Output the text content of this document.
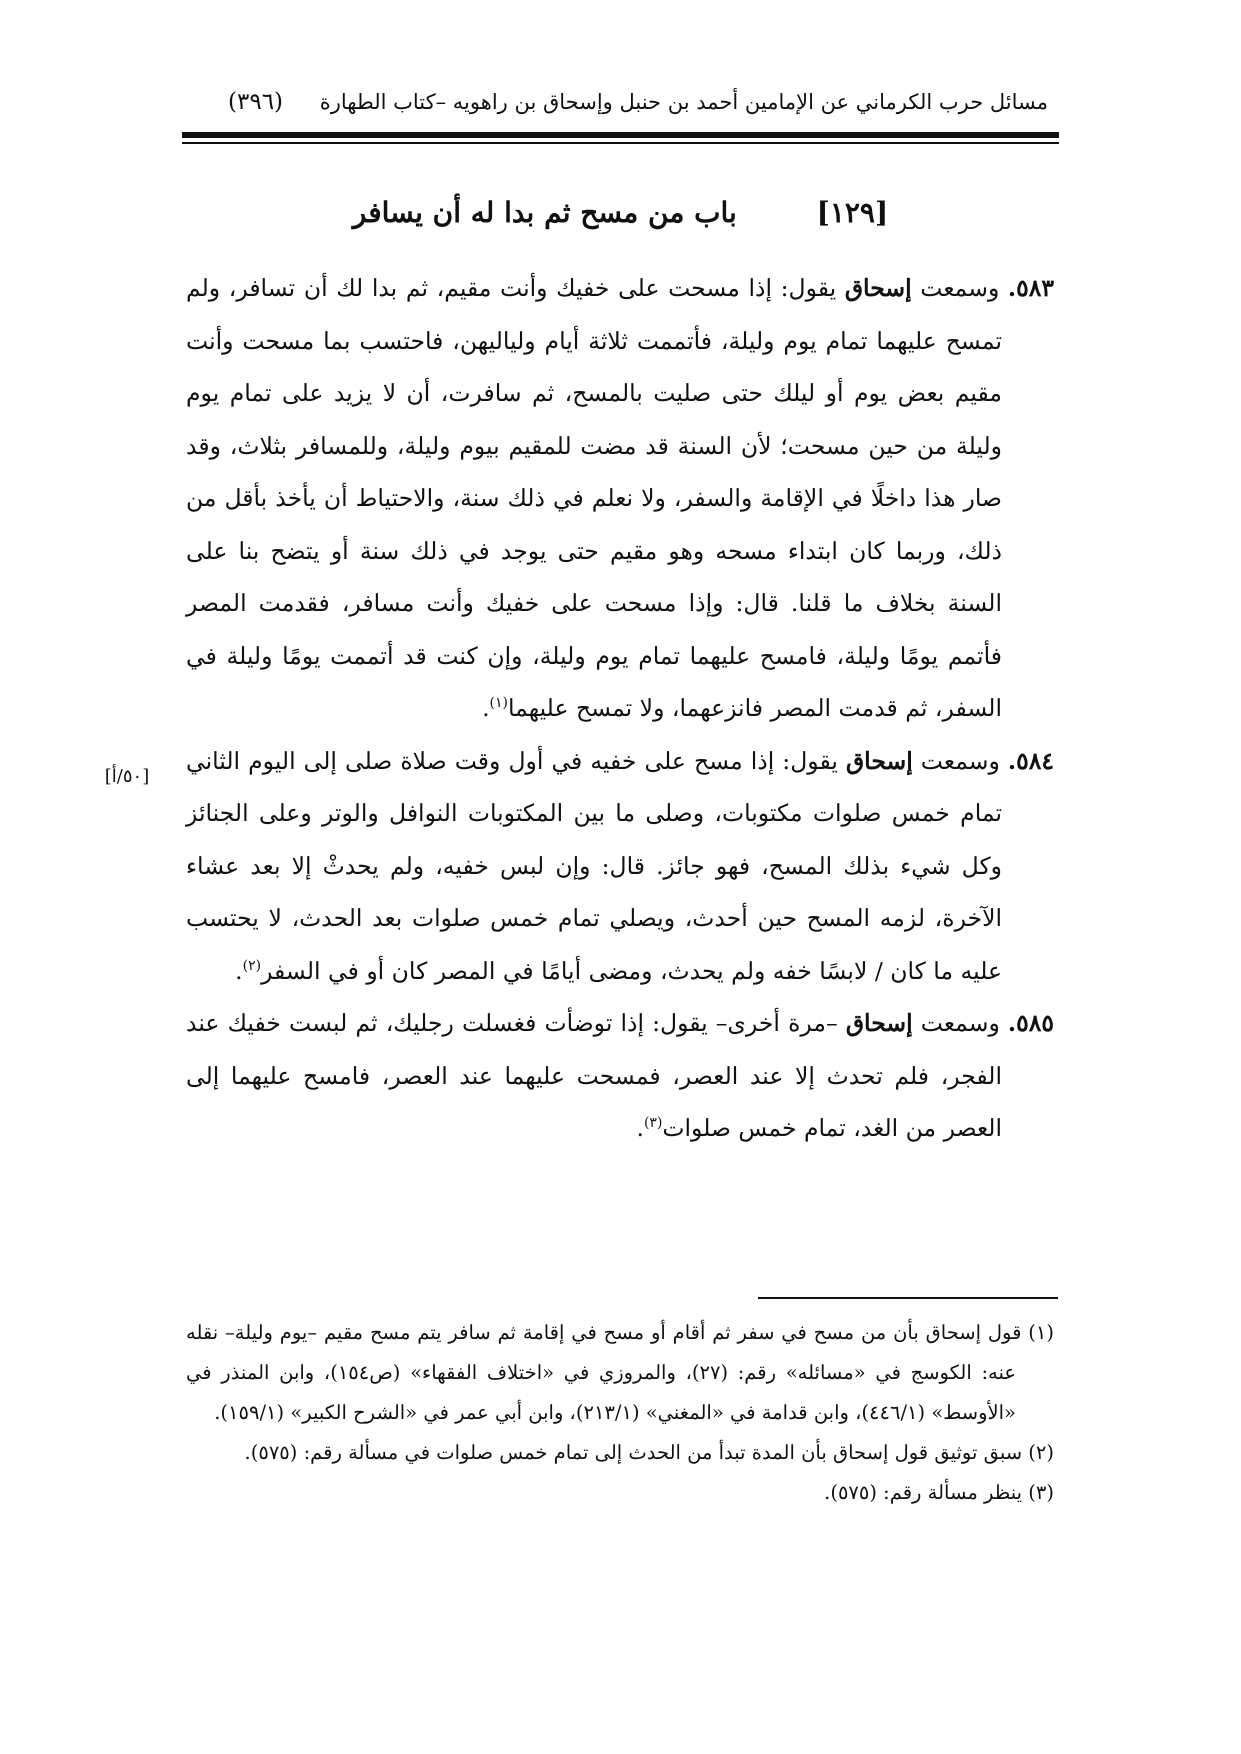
مسائل حرب الكرماني عن الإمامين أحمد بن حنبل وإسحاق بن راهويه –كتاب الطهارة
(٣٩٦)
[١٢٩] باب من مسح ثم بدا له أن يسافر
[٥٠/أ]

٥٨٣. وسمعت إسحاق يقول: إذا مسحت على خفيك وأنت مقيم، ثم بدا لك أن تسافر، ولم تمسح عليهما تمام يوم وليلة، فأتممت ثلاثة أيام ولياليهن، فاحتسب بما مسحت وأنت مقيم بعض يوم أو ليلك حتى صليت بالمسح، ثم سافرت، أن لا يزيد على تمام يوم وليلة من حين مسحت؛ لأن السنة قد مضت للمقيم بيوم وليلة، وللمسافر بثلاث، وقد صار هذا داخلًا في الإقامة والسفر، ولا نعلم في ذلك سنة، والاحتياط أن يأخذ بأقل من ذلك، وربما كان ابتداء مسحه وهو مقيم حتى يوجد في ذلك سنة أو يتضح بنا على السنة بخلاف ما قلنا. قال: وإذا مسحت على خفيك وأنت مسافر، فقدمت المصر فأتمم يومًا وليلة، فامسح عليهما تمام يوم وليلة، وإن كنت قد أتممت يومًا وليلة في السفر، ثم قدمت المصر فانزعهما، ولا تمسح عليهما$^{(١)}$.

٥٨٤. وسمعت إسحاق يقول: إذا مسح على خفيه في أول وقت صلاة صلى إلى اليوم الثاني تمام خمس صلوات مكتوبات، وصلى ما بين المكتوبات النوافل والوتر وعلى الجنائز وكل شيء بذلك المسح، فهو جائز. قال: وإن لبس خفيه، ولم يحدثْ إلا بعد عشاء الآخرة، لزمه المسح حين أحدث، ويصلي تمام خمس صلوات بعد الحدث، لا يحتسب عليه ما كان / لابسًا خفه ولم يحدث، ومضى أيامًا في المصر كان أو في السفر$^{(٢)}$.

٥٨٥. وسمعت إسحاق –مرة أخرى– يقول: إذا توضأت فغسلت رجليك، ثم لبست خفيك عند الفجر، فلم تحدث إلا عند العصر، فمسحت عليهما عند العصر، فامسح عليهما إلى العصر من الغد، تمام خمس صلوات$^{(٣)}$.

(١) قول إسحاق بأن من مسح في سفر ثم أقام أو مسح في إقامة ثم سافر يتم مسح مقيم –يوم وليلة– نقله عنه: الكوسج في «مسائله» رقم: (٢٧)، والمروزي في «اختلاف الفقهاء» (ص١٥٤)، وابن المنذر في «الأوسط» (٤٤٦/١)، وابن قدامة في «المغني» (٢١٣/١)، وابن أبي عمر في «الشرح الكبير» (١٥٩/١).

(٢) سبق توثيق قول إسحاق بأن المدة تبدأ من الحدث إلى تمام خمس صلوات في مسألة رقم: (٥٧٥).

(٣) ينظر مسألة رقم: (٥٧٥).
